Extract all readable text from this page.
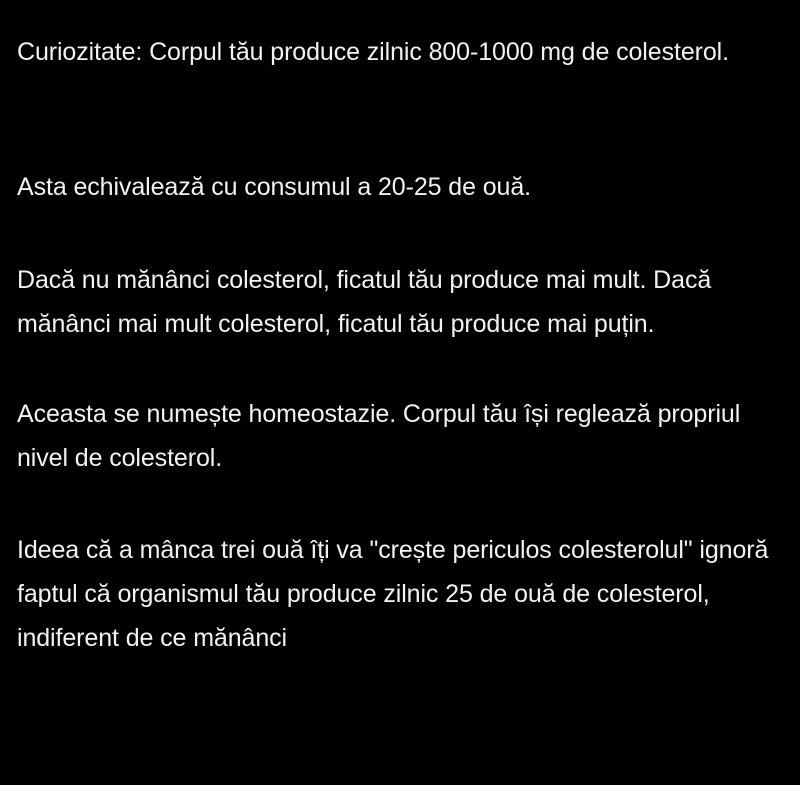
Curiozitate: Corpul tău produce zilnic 800-1000 mg de colesterol.

Asta echivalează cu consumul a 20-25 de ouă.

Dacă nu mănânci colesterol, ficatul tău produce mai mult. Dacă mănânci mai mult colesterol, ficatul tău produce mai puțin.

Aceasta se numește homeostazie. Corpul tău își reglează propriul nivel de colesterol.

Ideea că a mânca trei ouă îți va "crește periculos colesterolul" ignoră faptul că organismul tău produce zilnic 25 de ouă de colesterol, indiferent de ce mănânci
